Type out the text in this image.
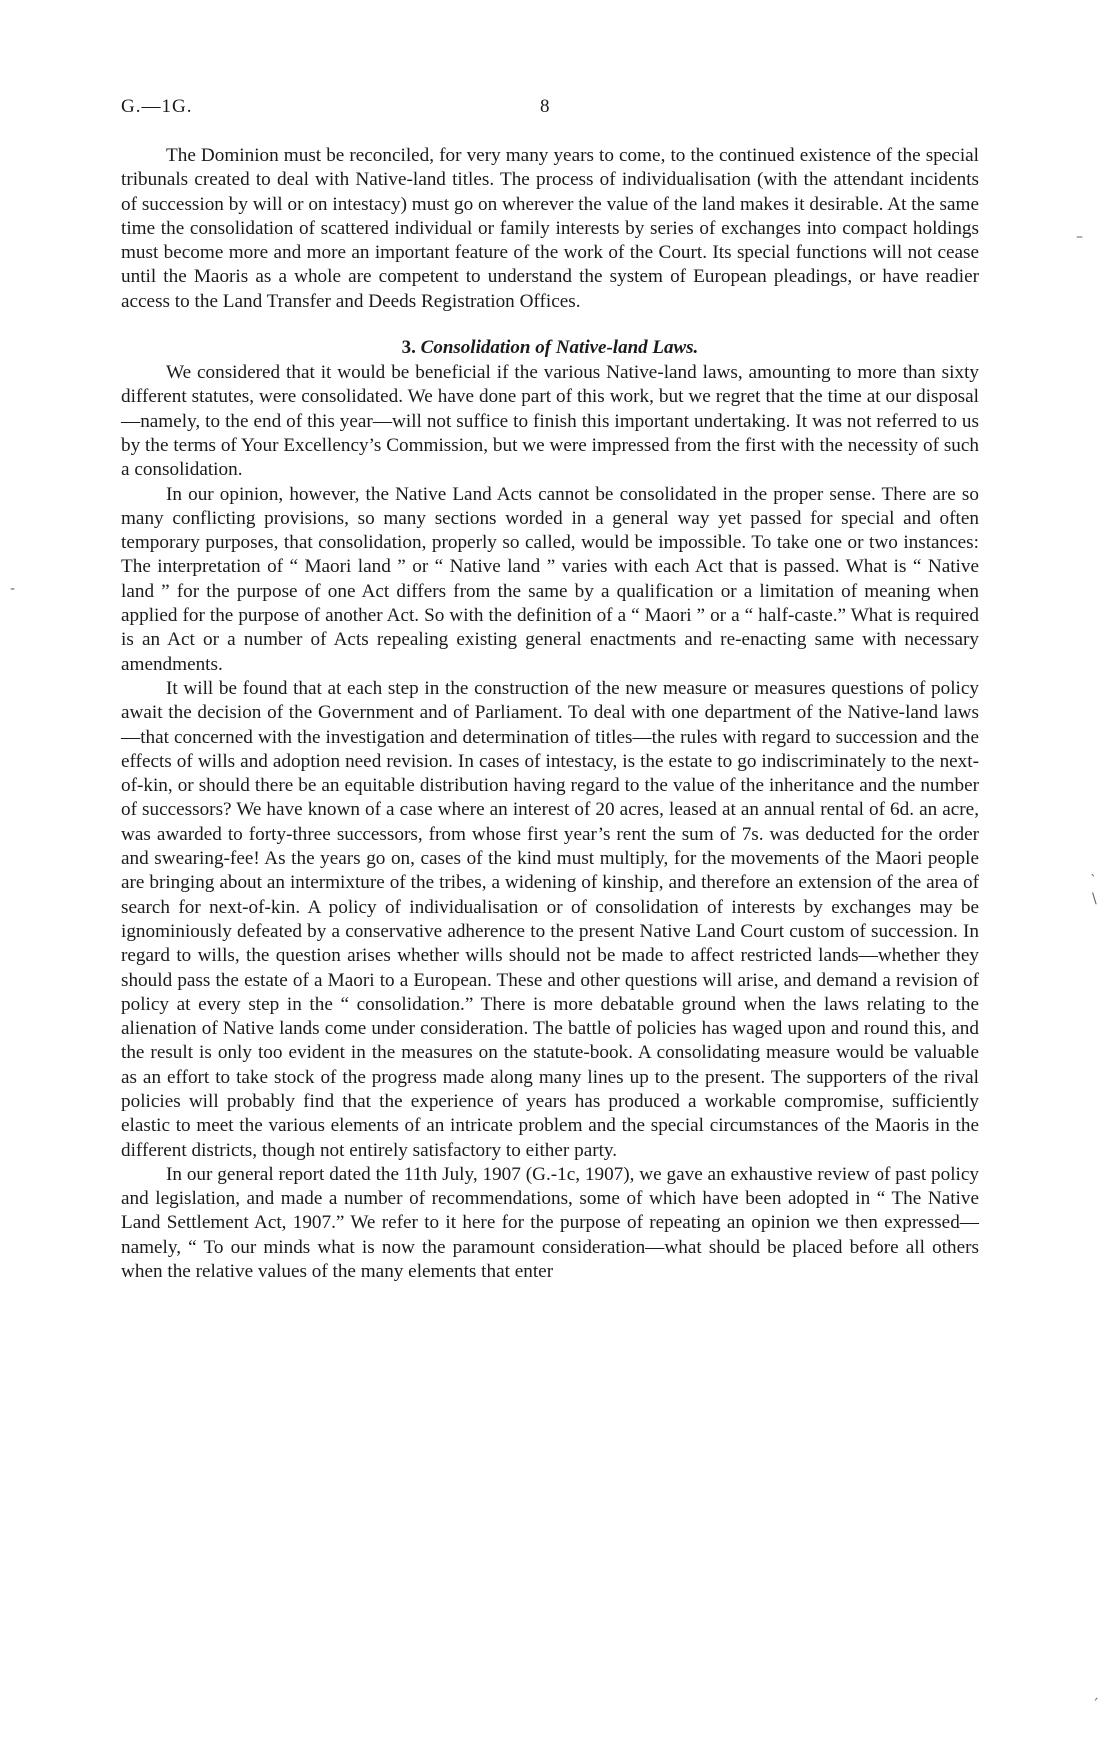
G.—1G.	8

The Dominion must be reconciled, for very many years to come, to the continued existence of the special tribunals created to deal with Native-land titles. The process of individualisation (with the attendant incidents of succession by will or on intestacy) must go on wherever the value of the land makes it desirable. At the same time the consolidation of scattered individual or family interests by series of exchanges into compact holdings must become more and more an important feature of the work of the Court. Its special functions will not cease until the Maoris as a whole are competent to understand the system of European pleadings, or have readier access to the Land Transfer and Deeds Registration Offices.

3. Consolidation of Native-land Laws.

We considered that it would be beneficial if the various Native-land laws, amounting to more than sixty different statutes, were consolidated. We have done part of this work, but we regret that the time at our disposal—namely, to the end of this year—will not suffice to finish this important undertaking. It was not referred to us by the terms of Your Excellency’s Commission, but we were impressed from the first with the necessity of such a consolidation.

In our opinion, however, the Native Land Acts cannot be consolidated in the proper sense. There are so many conflicting provisions, so many sections worded in a general way yet passed for special and often temporary purposes, that consolidation, properly so called, would be impossible. To take one or two instances: The interpretation of “ Maori land ” or “ Native land ” varies with each Act that is passed. What is “ Native land ” for the purpose of one Act differs from the same by a qualification or a limitation of meaning when applied for the purpose of another Act. So with the definition of a “ Maori ” or a “ half-caste.” What is required is an Act or a number of Acts repealing existing general enactments and re-enacting same with necessary amendments.

It will be found that at each step in the construction of the new measure or measures questions of policy await the decision of the Government and of Parliament. To deal with one department of the Native-land laws—that concerned with the investigation and determination of titles—the rules with regard to succession and the effects of wills and adoption need revision. In cases of intestacy, is the estate to go indiscriminately to the next-of-kin, or should there be an equitable distribution having regard to the value of the inheritance and the number of successors? We have known of a case where an interest of 20 acres, leased at an annual rental of 6d. an acre, was awarded to forty-three successors, from whose first year’s rent the sum of 7s. was deducted for the order and swearing-fee! As the years go on, cases of the kind must multiply, for the movements of the Maori people are bringing about an intermixture of the tribes, a widening of kinship, and therefore an extension of the area of search for next-of-kin. A policy of individualisation or of consolidation of interests by exchanges may be ignominiously defeated by a conservative adherence to the present Native Land Court custom of succession. In regard to wills, the question arises whether wills should not be made to affect restricted lands—whether they should pass the estate of a Maori to a European. These and other questions will arise, and demand a revision of policy at every step in the “ consolidation.” There is more debatable ground when the laws relating to the alienation of Native lands come under consideration. The battle of policies has waged upon and round this, and the result is only too evident in the measures on the statute-book. A consolidating measure would be valuable as an effort to take stock of the progress made along many lines up to the present. The supporters of the rival policies will probably find that the experience of years has produced a workable compromise, sufficiently elastic to meet the various elements of an intricate problem and the special circumstances of the Maoris in the different districts, though not entirely satisfactory to either party.

In our general report dated the 11th July, 1907 (G.-1c, 1907), we gave an exhaustive review of past policy and legislation, and made a number of recommendations, some of which have been adopted in “ The Native Land Settlement Act, 1907.” We refer to it here for the purpose of repeating an opinion we then expressed—namely, “ To our minds what is now the paramount consideration—what should be placed before all others when the relative values of the many elements that enter

–
-
ˎ
\
ˏ
